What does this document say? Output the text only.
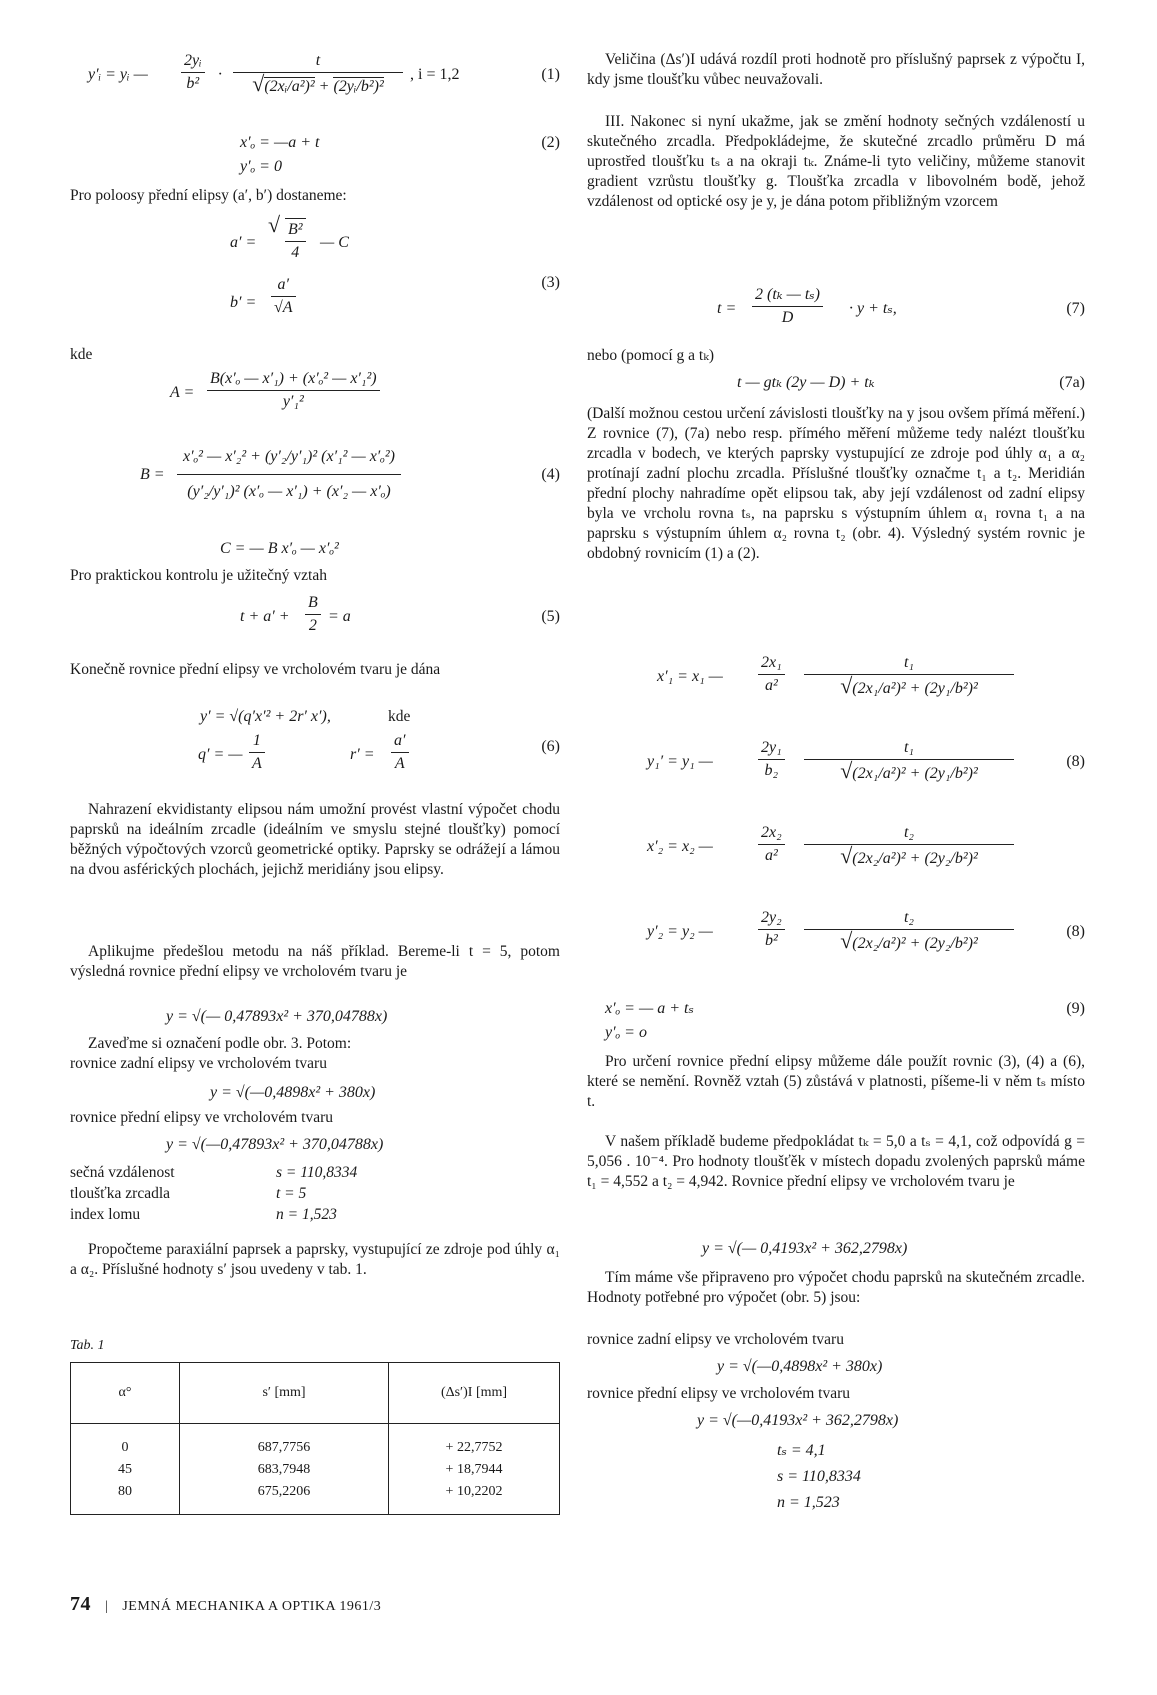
y′ᵢ = yᵢ — $\frac{\text{2yᵢ}}{\text{b²}} \cdot \frac{t}{\text{√(2xᵢ/a²)² + (2yᵢ/b²)²}}$ , i = 1,2	(1)
x′ₒ = —a + t
y′ₒ = 0
(2)

Pro poloosy přední elipsy (a′, b′) dostaneme:

a′ =
√ $\frac{\text{B²}}{4}$ — C
$b' = \frac{a'}{√A}$	(3)

kde

$A = \frac{\text{B(x′ₒ — x′₁) + (x′ₒ² — x′₁²)}}{\text{y′₁²}}$
$B = \frac{\text{x′ₒ² — x′₂² + (y′₂/y′₁)² (x′₁² — x′ₒ²)}}{\text{(y′₂/y′₁)² (x′ₒ — x′₁) + (x′₂ — x′ₒ)}}$	(4)
C = — B x′ₒ — x′ₒ²

Pro praktickou kontrolu je užitečný vztah

$t + a' + \frac{B}{2} = a$	(5)

Konečně rovnice přední elipsy ve vrcholovém tvaru je dána

y′ = √(q′x′² + 2r′ x′),	kde
q′ = — $\frac{1}{A}$	$r' = \frac{a'}{A}$	(6)

Nahrazení ekvidistanty elipsou nám umožní provést vlastní výpočet chodu paprsků na ideálním zrcadle (ideálním ve smyslu stejné tloušťky) pomocí běžných výpočtových vzorců geometrické optiky. Paprsky se odrážejí a lámou na dvou asférických plochách, jejichž meridiány jsou elipsy.

Aplikujme předešlou metodu na náš příklad. Bereme-li t = 5, potom výsledná rovnice přední elipsy ve vrcholovém tvaru je

y = √(— 0,47893x² + 370,04788x)

Zaveďme si označení podle obr. 3. Potom:

rovnice zadní elipsy ve vrcholovém tvaru

y = √(—0,4898x² + 380x)

rovnice přední elipsy ve vrcholovém tvaru

y = √(—0,47893x² + 370,04788x)
sečná vzdálenost	s = 110,8334
tloušťka zrcadla	t = 5
index lomu	n = 1,523

Propočteme paraxiální paprsek a paprsky, vystupující ze zdroje pod úhly α₁ a α₂. Příslušné hodnoty s′ jsou uvedeny v tab. 1.

Tab. 1

α°	s′ [mm]	(Δs′)I [mm]
0	687,7756	+ 22,7752
45	683,7948	+ 18,7944
80	675,2206	+ 10,2202

Veličina (Δs′)I udává rozdíl proti hodnotě pro příslušný paprsek z výpočtu I, kdy jsme tloušťku vůbec neuvažovali.

III. Nakonec si nyní ukažme, jak se změní hodnoty sečných vzdáleností u skutečného zrcadla. Předpokládejme, že skutečné zrcadlo průměru D má uprostřed tloušťku tₛ a na okraji tₖ. Známe-li tyto veličiny, můžeme stanovit gradient vzrůstu tloušťky g. Tloušťka zrcadla v libovolném bodě, jehož vzdálenost od optické osy je y, je dána potom přibližným vzorcem

$t = \frac{\text{2 (tₖ — tₛ)}}{D} \cdot y + t_s$,	(7)

nebo (pomocí g a tₖ)

t — gtₖ (2y — D) + tₖ	(7a)

(Další možnou cestou určení závislosti tloušťky na y jsou ovšem přímá měření.) Z rovnice (7), (7a) nebo resp. přímého měření můžeme tedy nalézt tloušťku zrcadla v bodech, ve kterých paprsky vystupující ze zdroje pod úhly α₁ a α₂ protínají zadní plochu zrcadla. Příslušné tloušťky označme t₁ a t₂. Meridián přední plochy nahradíme opět elipsou tak, aby její vzdálenost od zadní elipsy byla ve vrcholu rovna tₛ, na paprsku s výstupním úhlem α₁ rovna t₁ a na paprsku s výstupním úhlem α₂ rovna t₂ (obr. 4). Výsledný systém rovnic je obdobný rovnicím (1) a (2).

x′₁ = x₁ — $\frac{\text{2x₁}}{\text{a²}} \frac{\text{t₁}}{\text{√(2x₁/a²)² + (2y₁/b²)²}}$
y₁′ = y₁ —	$\frac{\text{2y₁}}{\text{b₂}} \frac{\text{t₁}}{\text{√(2x₁/a²)² + (2y₁/b²)²}}$	(8)
x′₂ = x₂ —	$\frac{\text{2x₂}}{\text{a²}} \frac{\text{t₂}}{\text{√(2x₂/a²)² + (2y₂/b²)²}}$
y′₂ = y₂ —	$\frac{\text{2y₂}}{\text{b²}} \frac{\text{t₂}}{\text{√(2x₂/a²)² + (2y₂/b²)²}}$	(8)
x′ₒ = — a + tₛ
y′ₒ = o
(9)

Pro určení rovnice přední elipsy můžeme dále použít rovnic (3), (4) a (6), které se nemění. Rovněž vztah (5) zůstává v platnosti, píšeme-li v něm tₛ místo t.

V našem příkladě budeme předpokládat tₖ = 5,0 a tₛ = 4,1, což odpovídá g = 5,056 . 10⁻⁴. Pro hodnoty tloušťěk v místech dopadu zvolených paprsků máme t₁ = 4,552 a t₂ = 4,942. Rovnice přední elipsy ve vrcholovém tvaru je

y = √(— 0,4193x² + 362,2798x)

Tím máme vše připraveno pro výpočet chodu paprsků na skutečném zrcadle. Hodnoty potřebné pro výpočet (obr. 5) jsou:

rovnice zadní elipsy ve vrcholovém tvaru

y = √(—0,4898x² + 380x)

rovnice přední elipsy ve vrcholovém tvaru

y = √(—0,4193x² + 362,2798x)
tₛ = 4,1
s = 110,8334
n = 1,523
74 | JEMNÁ MECHANIKA A OPTIKA 1961/3
